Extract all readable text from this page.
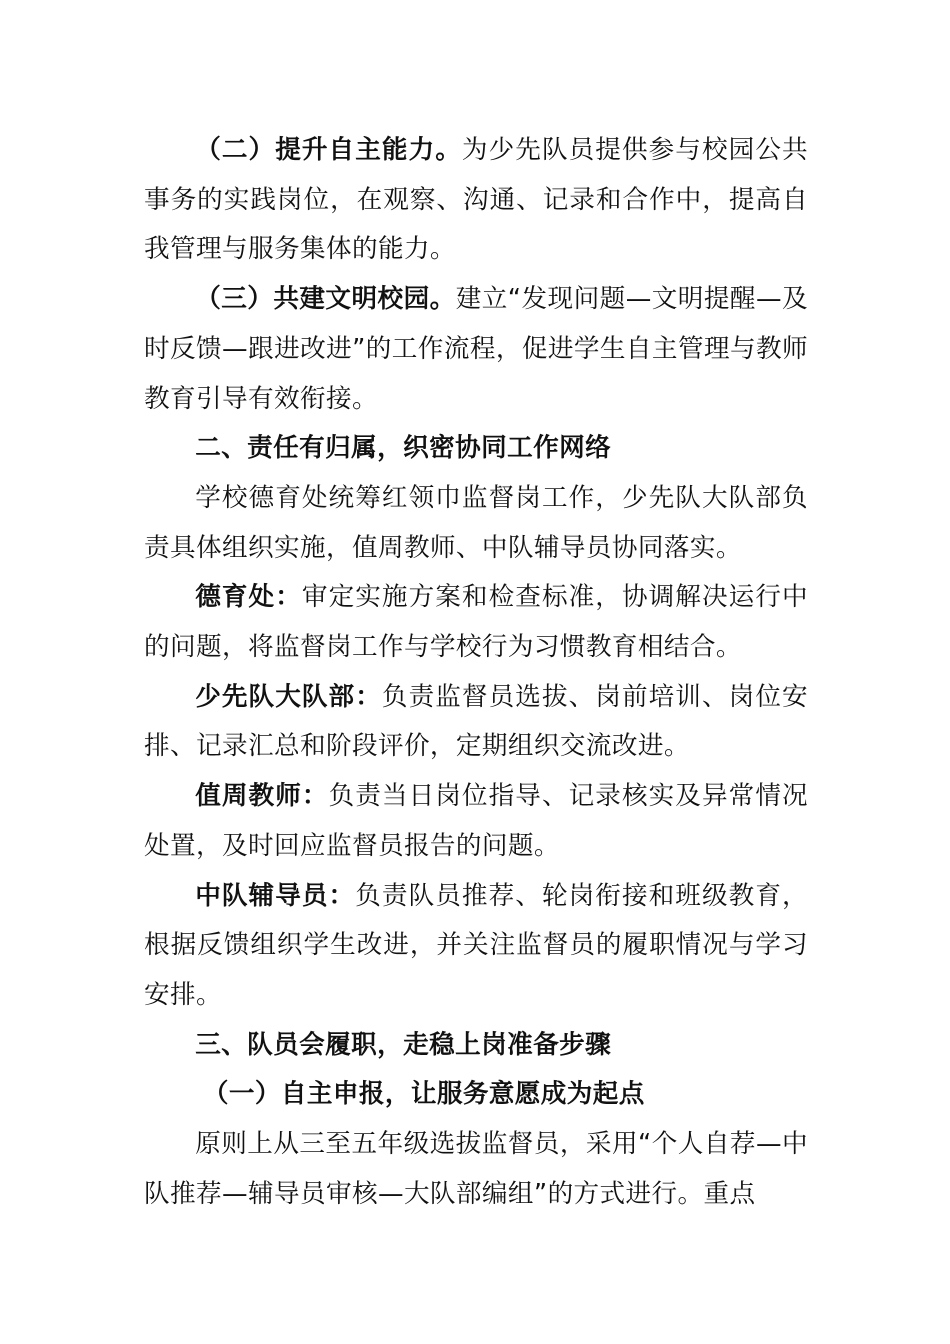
（二）提升自主能力。为少先队员提供参与校园公共事务的实践岗位，在观察、沟通、记录和合作中，提高自我管理与服务集体的能力。

（三）共建文明校园。建立“发现问题—文明提醒—及时反馈—跟进改进”的工作流程，促进学生自主管理与教师教育引导有效衔接。

二、责任有归属，织密协同工作网络

学校德育处统筹红领巾监督岗工作，少先队大队部负责具体组织实施，值周教师、中队辅导员协同落实。

德育处：审定实施方案和检查标准，协调解决运行中的问题，将监督岗工作与学校行为习惯教育相结合。

少先队大队部：负责监督员选拔、岗前培训、岗位安排、记录汇总和阶段评价，定期组织交流改进。

值周教师：负责当日岗位指导、记录核实及异常情况处置，及时回应监督员报告的问题。

中队辅导员：负责队员推荐、轮岗衔接和班级教育，根据反馈组织学生改进，并关注监督员的履职情况与学习安排。

三、队员会履职，走稳上岗准备步骤

（一）自主申报，让服务意愿成为起点

原则上从三至五年级选拔监督员，采用“个人自荐—中队推荐—辅导员审核—大队部编组”的方式进行。重点
